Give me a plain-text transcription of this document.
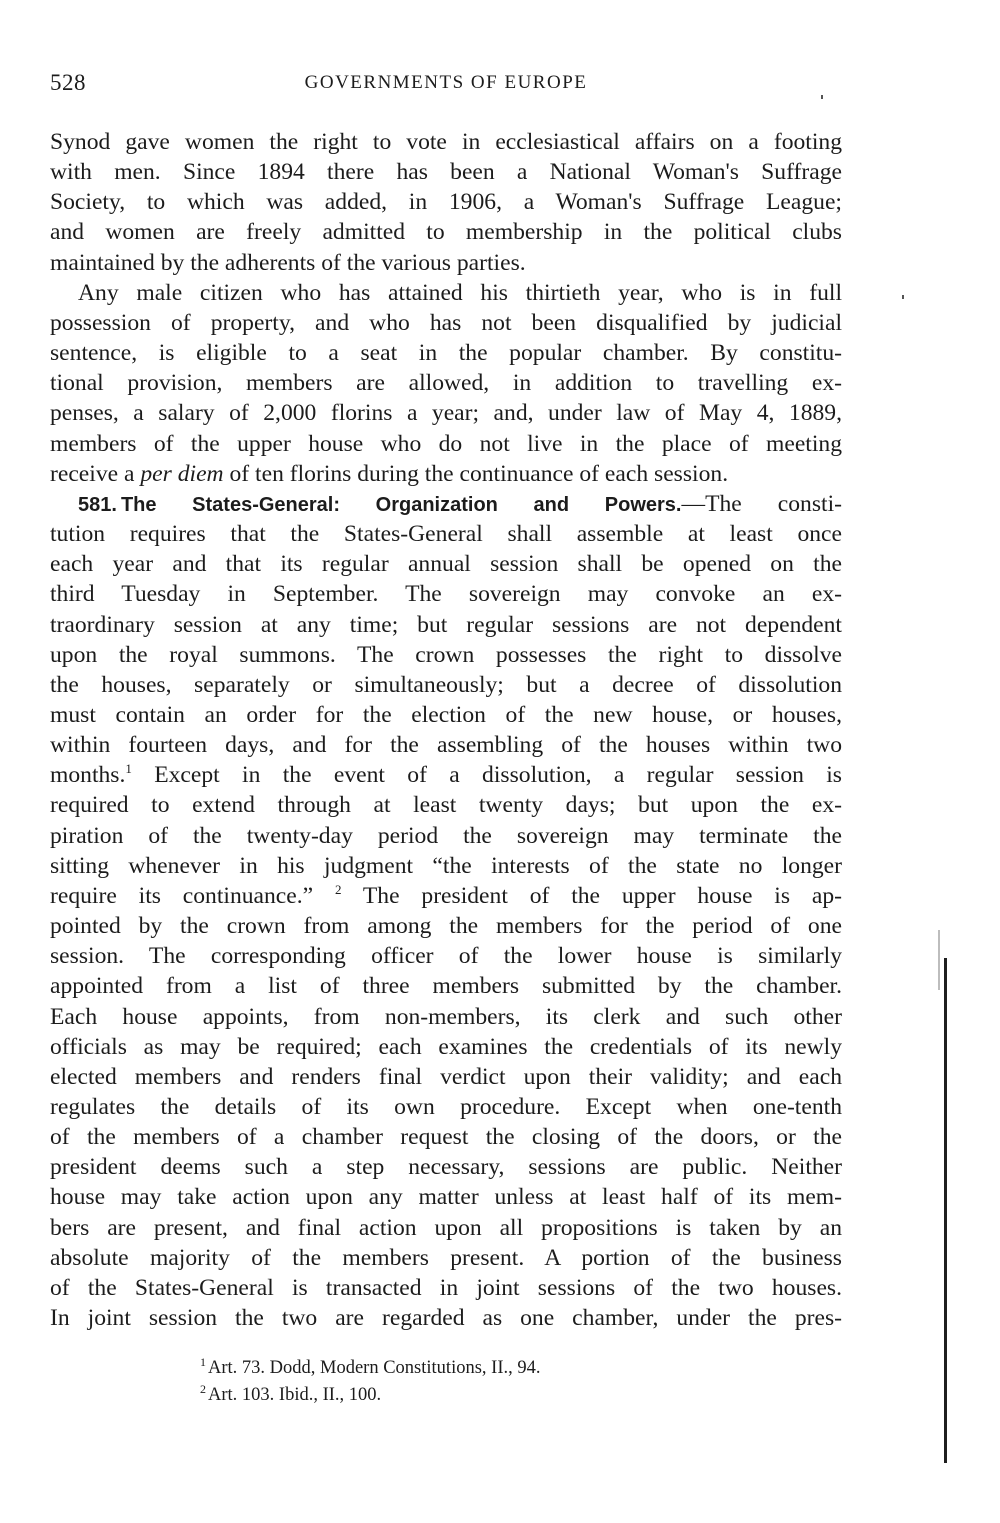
528	GOVERNMENTS OF EUROPE
Synod gave women the right to vote in ecclesiastical affairs on a footing
with men. Since 1894 there has been a National Woman's Suffrage
Society, to which was added, in 1906, a Woman's Suffrage League;
and women are freely admitted to membership in the political clubs
maintained by the adherents of the various parties.
Any male citizen who has attained his thirtieth year, who is in full
possession of property, and who has not been disqualified by judicial
sentence, is eligible to a seat in the popular chamber. By constitu-
tional provision, members are allowed, in addition to travelling ex-
penses, a salary of 2,000 florins a year; and, under law of May 4, 1889,
members of the upper house who do not live in the place of meeting
receive a per diem of ten florins during the continuance of each session.
581. The States-General: Organization and Powers.—The consti-
tution requires that the States-General shall assemble at least once
each year and that its regular annual session shall be opened on the
third Tuesday in September. The sovereign may convoke an ex-
traordinary session at any time; but regular sessions are not dependent
upon the royal summons. The crown possesses the right to dissolve
the houses, separately or simultaneously; but a decree of dissolution
must contain an order for the election of the new house, or houses,
within fourteen days, and for the assembling of the houses within two
months.$^1$ Except in the event of a dissolution, a regular session is
required to extend through at least twenty days; but upon the ex-
piration of the twenty-day period the sovereign may terminate the
sitting whenever in his judgment “the interests of the state no longer
require its continuance.” $^2$ The president of the upper house is ap-
pointed by the crown from among the members for the period of one
session. The corresponding officer of the lower house is similarly
appointed from a list of three members submitted by the chamber.
Each house appoints, from non-members, its clerk and such other
officials as may be required; each examines the credentials of its newly
elected members and renders final verdict upon their validity; and each
regulates the details of its own procedure. Except when one-tenth
of the members of a chamber request the closing of the doors, or the
president deems such a step necessary, sessions are public. Neither
house may take action upon any matter unless at least half of its mem-
bers are present, and final action upon all propositions is taken by an
absolute majority of the members present. A portion of the business
of the States-General is transacted in joint sessions of the two houses.
In joint session the two are regarded as one chamber, under the pres-
$^1$ Art. 73. Dodd, Modern Constitutions, II., 94.
$^2$ Art. 103. Ibid., II., 100.
